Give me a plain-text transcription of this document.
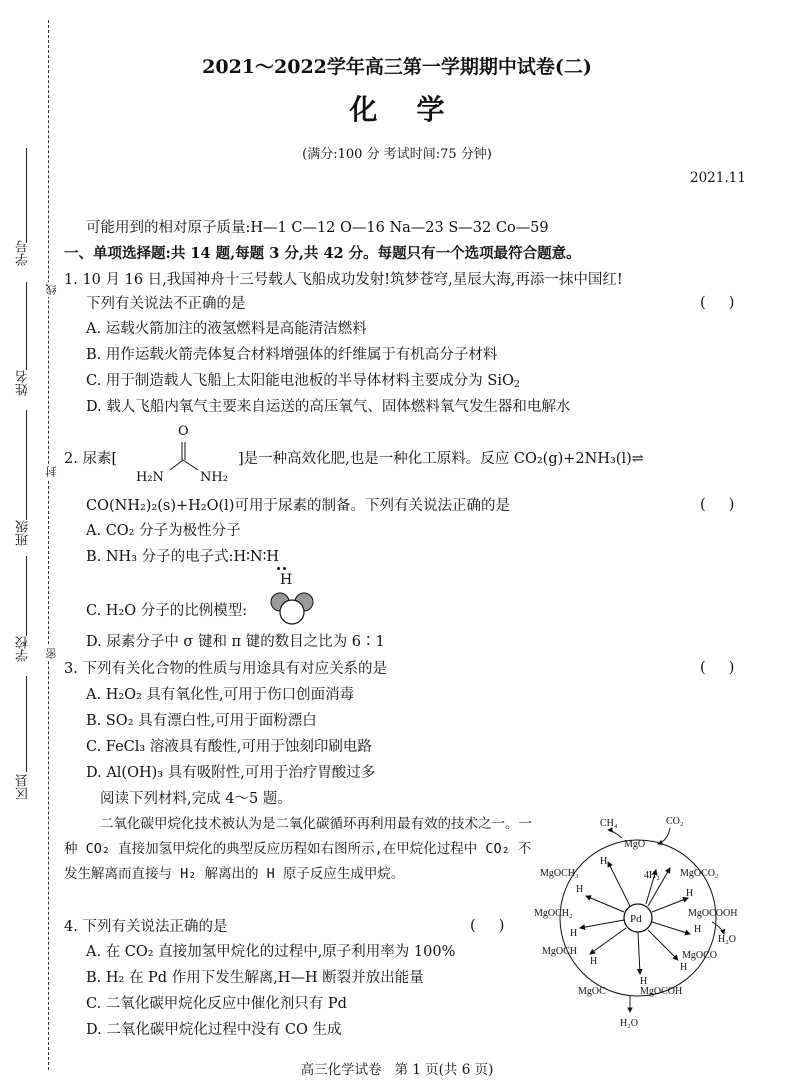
学号
姓名
班级
学校
区县
线
封
密
2021～2022学年高三第一学期期中试卷(二)
化    学
(满分:100 分 考试时间:75 分钟)
2021.11
可能用到的相对原子质量:H—1 C—12 O—16 Na—23 S—32 Co—59
一、单项选择题:共 14 题,每题 3 分,共 42 分。每题只有一个选项最符合题意。
1. 10 月 16 日,我国神舟十三号载人飞船成功发射!筑梦苍穹,星辰大海,再添一抹中国红!
下列有关说法不正确的是	(     )
A. 运载火箭加注的液氢燃料是高能清洁燃料
B. 用作运载火箭壳体复合材料增强体的纤维属于有机高分子材料
C. 用于制造载人飞船上太阳能电池板的半导体材料主要成分为 SiO$_2$
D. 载人飞船内氧气主要来自运送的高压氧气、固体燃料氧气发生器和电解水
2. 尿素[
O
H₂N	NH₂
]是一种高效化肥,也是一种化工原料。反应 CO₂(g)+2NH₃(l)⇌
CO(NH₂)₂(s)+H₂O(l)可用于尿素的制备。下列有关说法正确的是	(     )
A. CO₂ 分子为极性分子
B. NH₃ 分子的电子式:H∶N∶H
H
C. H₂O 分子的比例模型:
D. 尿素分子中 σ 键和 π 键的数目之比为 6∶1
3. 下列有关化合物的性质与用途具有对应关系的是	(     )
A. H₂O₂ 具有氧化性,可用于伤口创面消毒
B. SO₂ 具有漂白性,可用于面粉漂白
C. FeCl₃ 溶液具有酸性,可用于蚀刻印刷电路
D. Al(OH)₃ 具有吸附性,可用于治疗胃酸过多
阅读下列材料,完成 4～5 题。
二氧化碳甲烷化技术被认为是二氧化碳循环再利用最有效的技术之一。一种 CO₂ 直接加氢甲烷化的典型反应历程如右图所示,在甲烷化过程中 CO₂ 不发生解离而直接与 H₂ 解离出的 H 原子反应生成甲烷。
4. 下列有关说法正确的是	(     )
A. 在 CO₂ 直接加氢甲烷化的过程中,原子利用率为 100%
B. H₂ 在 Pd 作用下发生解离,H—H 断裂并放出能量
C. 二氧化碳甲烷化反应中催化剂只有 Pd
D. 二氧化碳甲烷化过程中没有 CO 生成
Pd
MgO
MgOCO₂
MgOCOOH
MgOCO
MgOCOH
MgOC
MgOCH
MgOCH₂
MgOCH₃
CH₄	CO₂
4H₂
H₂O
H₂O
H
H
H
H
H
H
H
H
高三化学试卷   第 1 页(共 6 页)
